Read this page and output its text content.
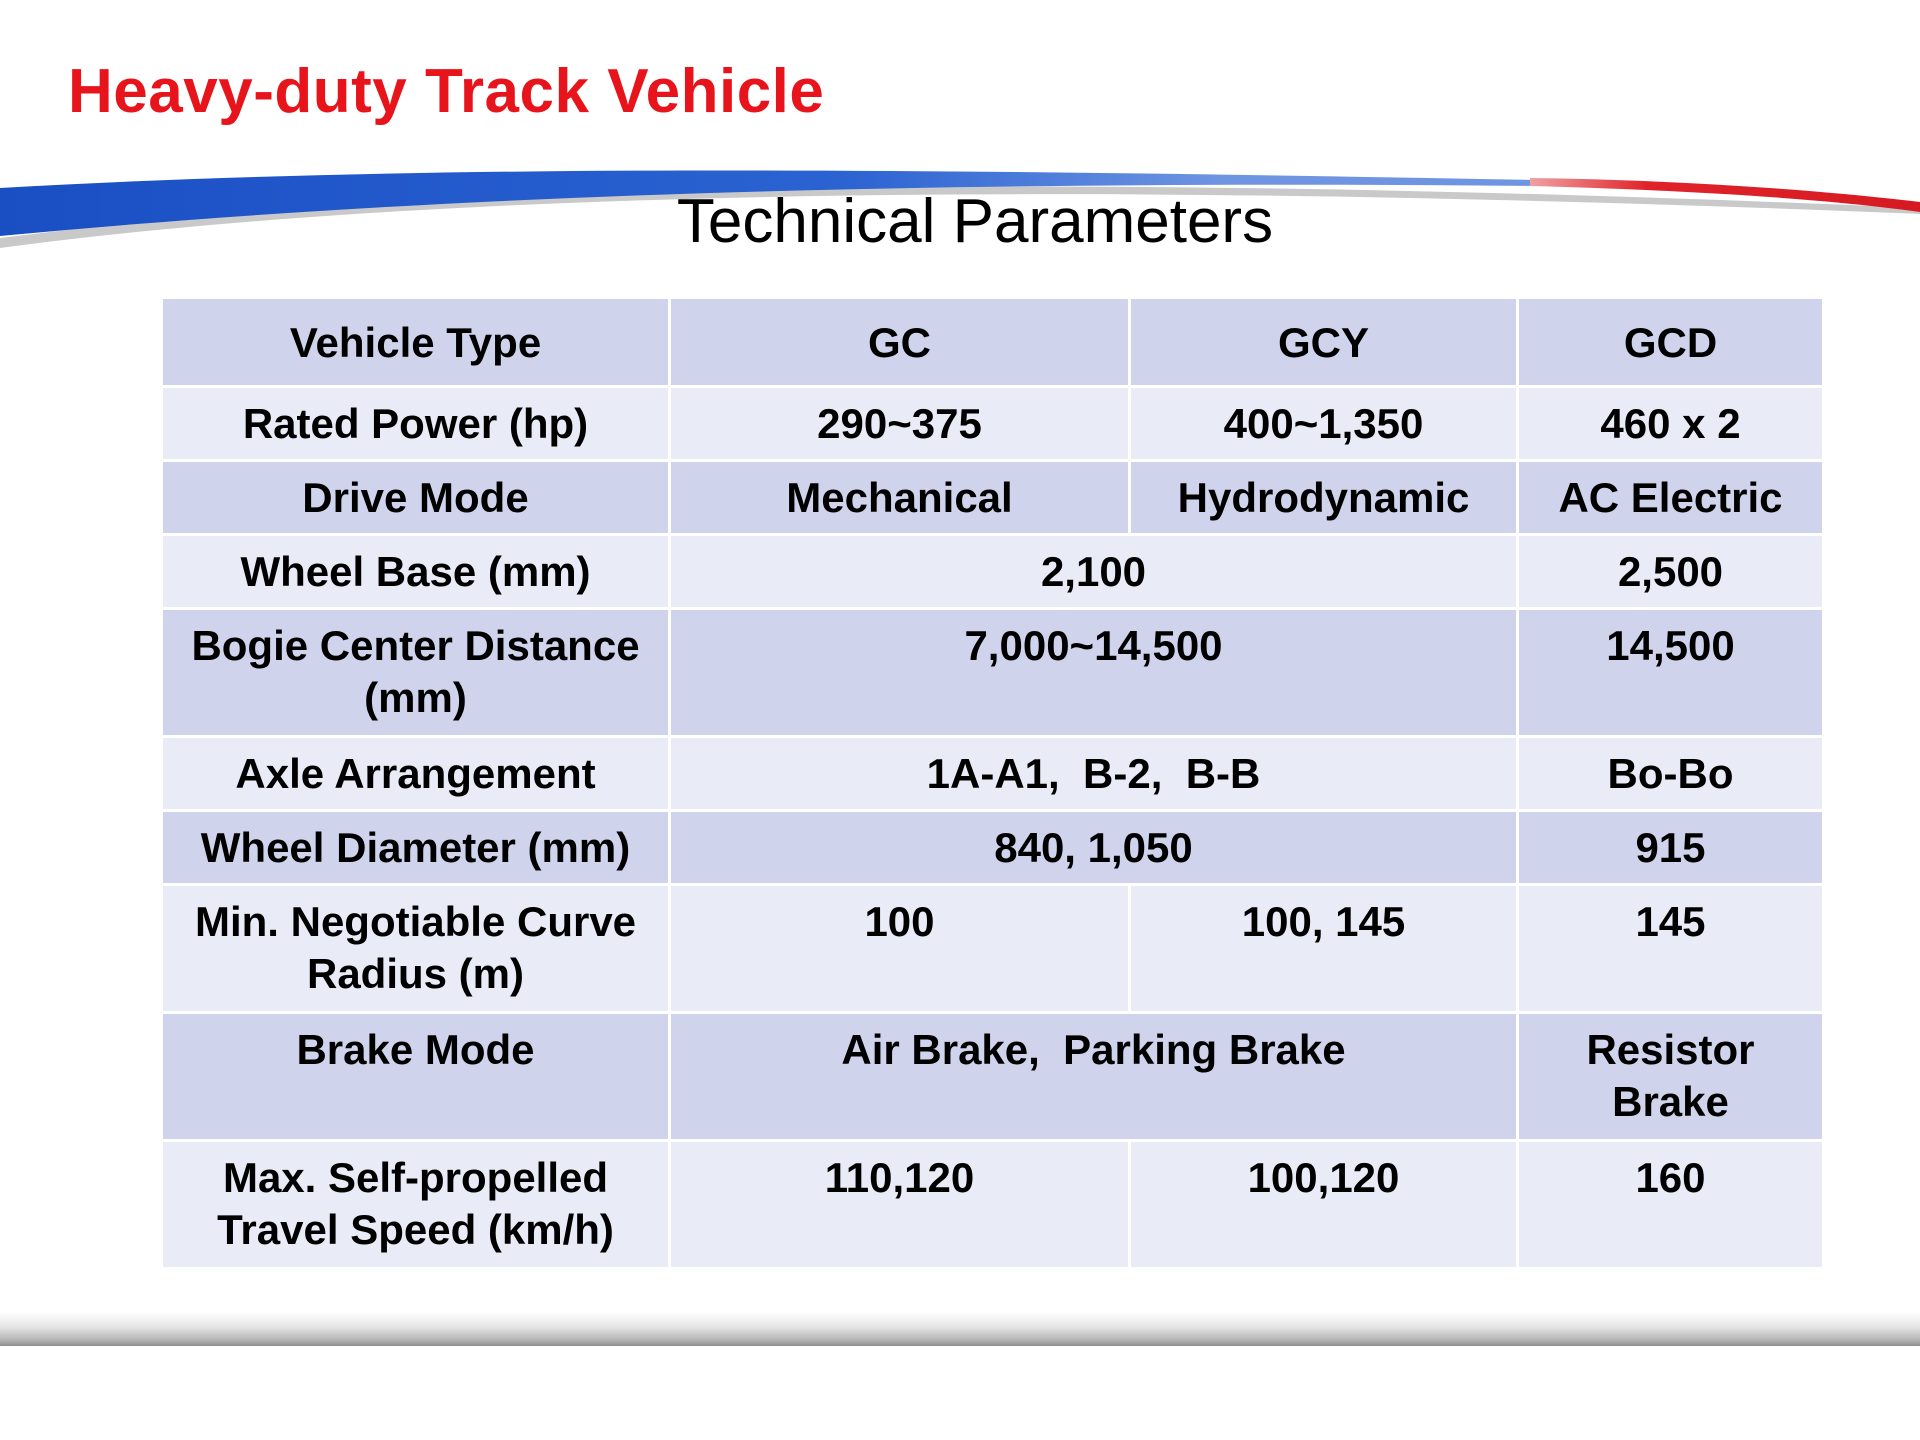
Heavy-duty Track Vehicle
Technical Parameters
Vehicle Type	GC	GCY	GCD
Rated Power (hp)	290~375	400~1,350	460 x 2
Drive Mode	Mechanical	Hydrodynamic	AC Electric
Wheel Base (mm)	2,100		2,500
Bogie Center Distance
(mm)	7,000~14,500		14,500
Axle Arrangement	1A-A1,  B-2,  B-B		Bo-Bo
Wheel Diameter (mm)	840, 1,050		915
Min. Negotiable Curve
Radius (m)	100	100, 145	145
Brake Mode	Air Brake,  Parking Brake		Resistor
Brake
Max. Self-propelled
Travel Speed (km/h)	110,120	100,120	160
